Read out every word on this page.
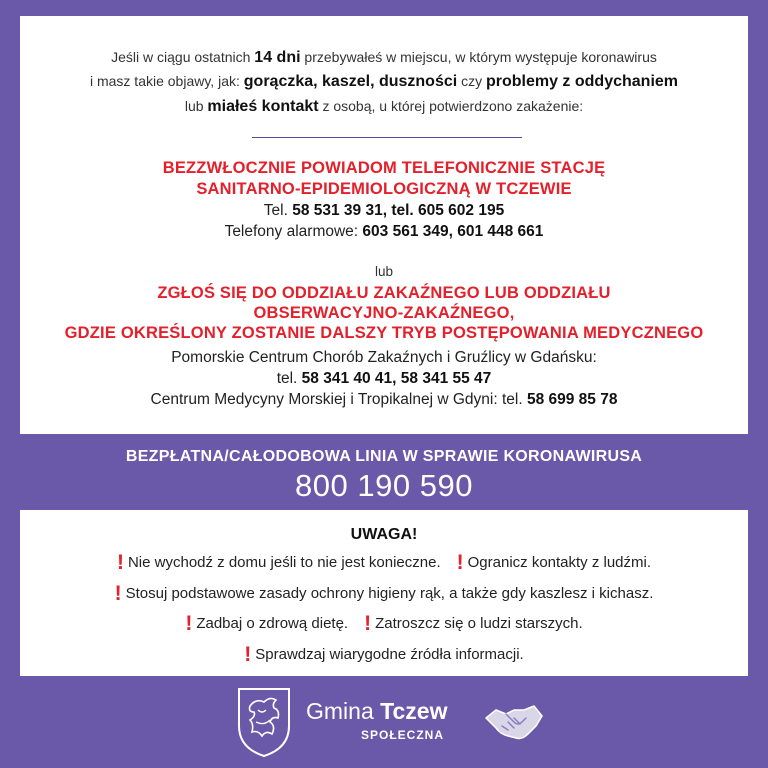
Jeśli w ciągu ostatnich 14 dni przebywałeś w miejscu, w którym występuje koronawirus
i masz takie objawy, jak: gorączka, kaszel, duszności czy problemy z oddychaniem
lub miałeś kontakt z osobą, u której potwierdzono zakażenie:
BEZZWŁOCZNIE POWIADOM TELEFONICZNIE STACJĘ
SANITARNO-EPIDEMIOLOGICZNĄ W TCZEWIE
Tel. 58 531 39 31, tel. 605 602 195
Telefony alarmowe: 603 561 349, 601 448 661
lub
ZGŁOŚ SIĘ DO ODDZIAŁU ZAKAŹNEGO LUB ODDZIAŁU
OBSERWACYJNO-ZAKAŹNEGO,
GDZIE OKREŚLONY ZOSTANIE DALSZY TRYB POSTĘPOWANIA MEDYCZNEGO
Pomorskie Centrum Chorób Zakaźnych i Gruźlicy w Gdańsku:
tel. 58 341 40 41, 58 341 55 47
Centrum Medycyny Morskiej i Tropikalnej w Gdyni: tel. 58 699 85 78
BEZPŁATNA/CAŁODOBOWA LINIA W SPRAWIE KORONAWIRUSA
800 190 590
UWAGA!
! Nie wychodź z domu jeśli to nie jest konieczne. ! Ogranicz kontakty z ludźmi.
! Stosuj podstawowe zasady ochrony higieny rąk, a także gdy kaszlesz i kichasz.
! Zadbaj o zdrową dietę. ! Zatroszcz się o ludzi starszych.
! Sprawdzaj wiarygodne źródła informacji.
Gmina Tczew
SPOŁECZNA
